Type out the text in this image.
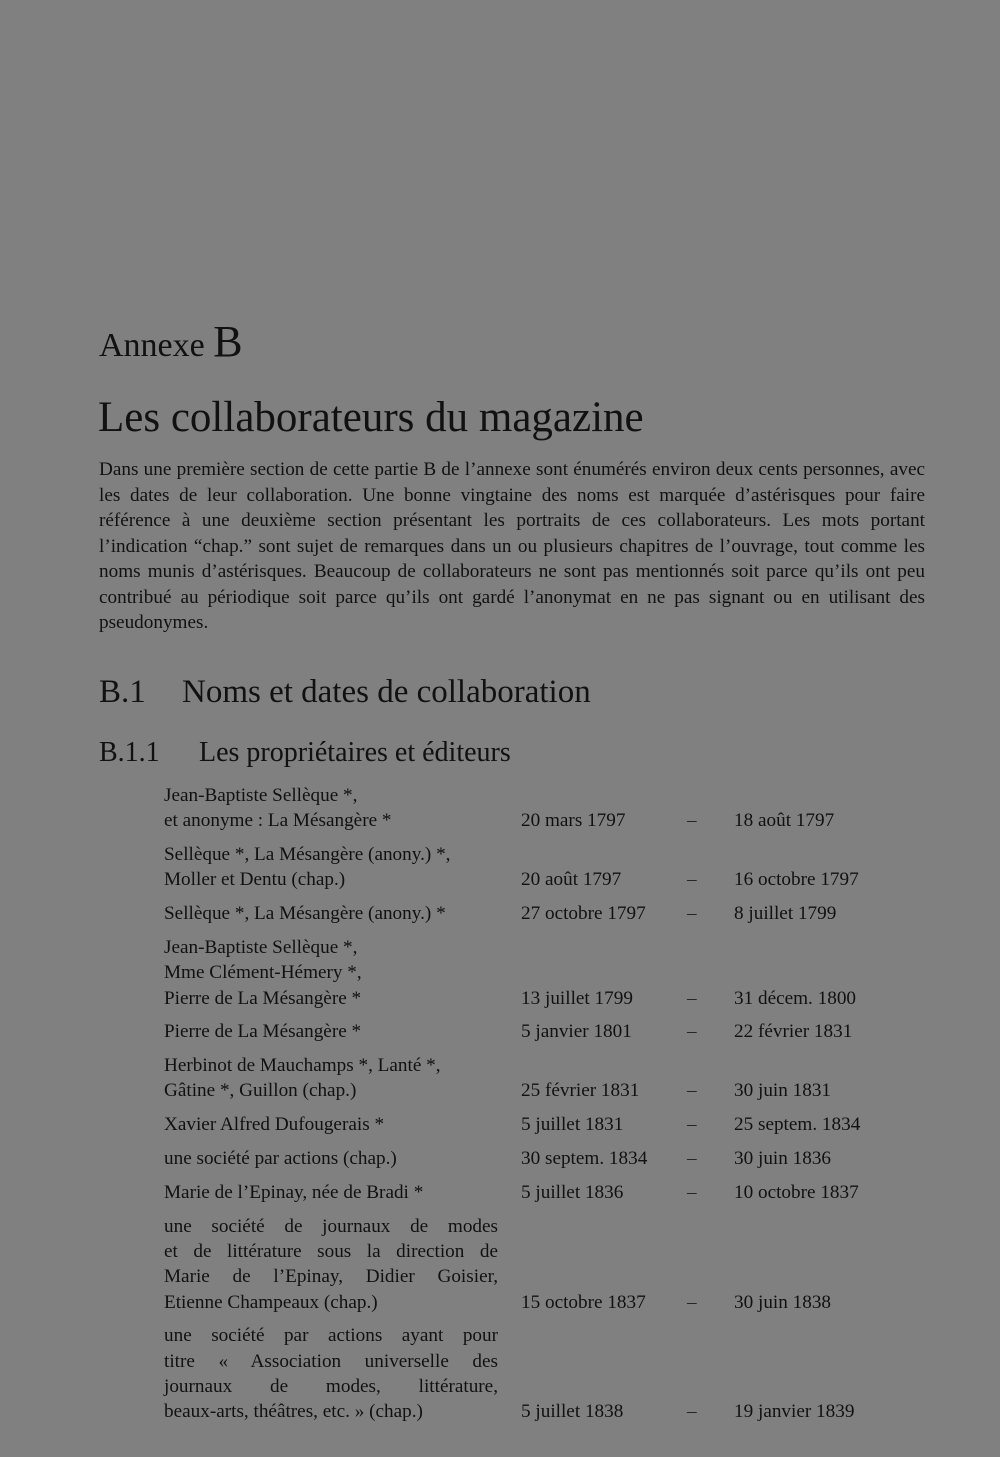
Annexe B
Les collaborateurs du magazine

Dans une première section de cette partie B de l’annexe sont énumérés environ deux cents personnes, avec les dates de leur collaboration. Une bonne vingtaine des noms est marquée d’astérisques pour faire référence à une deuxième section présentant les portraits de ces collaborateurs. Les mots portant l’indication “chap.” sont sujet de remarques dans un ou plusieurs chapitres de l’ouvrage, tout comme les noms munis d’astérisques. Beaucoup de collaborateurs ne sont pas mentionnés soit parce qu’ils ont peu contribué au périodique soit parce qu’ils ont gardé l’anonymat en ne pas signant ou en utilisant des pseudonymes.

B.1 Noms et dates de collaboration
B.1.1 Les propriétaires et éditeurs
Jean-Baptiste Sellèque *,
et anonyme : La Mésangère *	20 mars 1797	–	18 août 1797
Sellèque *, La Mésangère (anony.) *,
Moller et Dentu (chap.)	20 août 1797	–	16 octobre 1797
Sellèque *, La Mésangère (anony.) *	27 octobre 1797	–	8 juillet 1799
Jean-Baptiste Sellèque *,
Mme Clément-Hémery *,
Pierre de La Mésangère *	13 juillet 1799	–	31 décem. 1800
Pierre de La Mésangère *	5 janvier 1801	–	22 février 1831
Herbinot de Mauchamps *, Lanté *,
Gâtine *, Guillon (chap.)	25 février 1831	–	30 juin 1831
Xavier Alfred Dufougerais *	5 juillet 1831	–	25 septem. 1834
une société par actions (chap.)	30 septem. 1834	–	30 juin 1836
Marie de l’Epinay, née de Bradi *	5 juillet 1836	–	10 octobre 1837
une société de journaux de modes
et de littérature sous la direction de
Marie de l’Epinay, Didier Goisier,
Etienne Champeaux (chap.)	15 octobre 1837	–	30 juin 1838
une société par actions ayant pour
titre « Association universelle des
journaux de modes, littérature,
beaux-arts, théâtres, etc. » (chap.)	5 juillet 1838	–	19 janvier 1839
